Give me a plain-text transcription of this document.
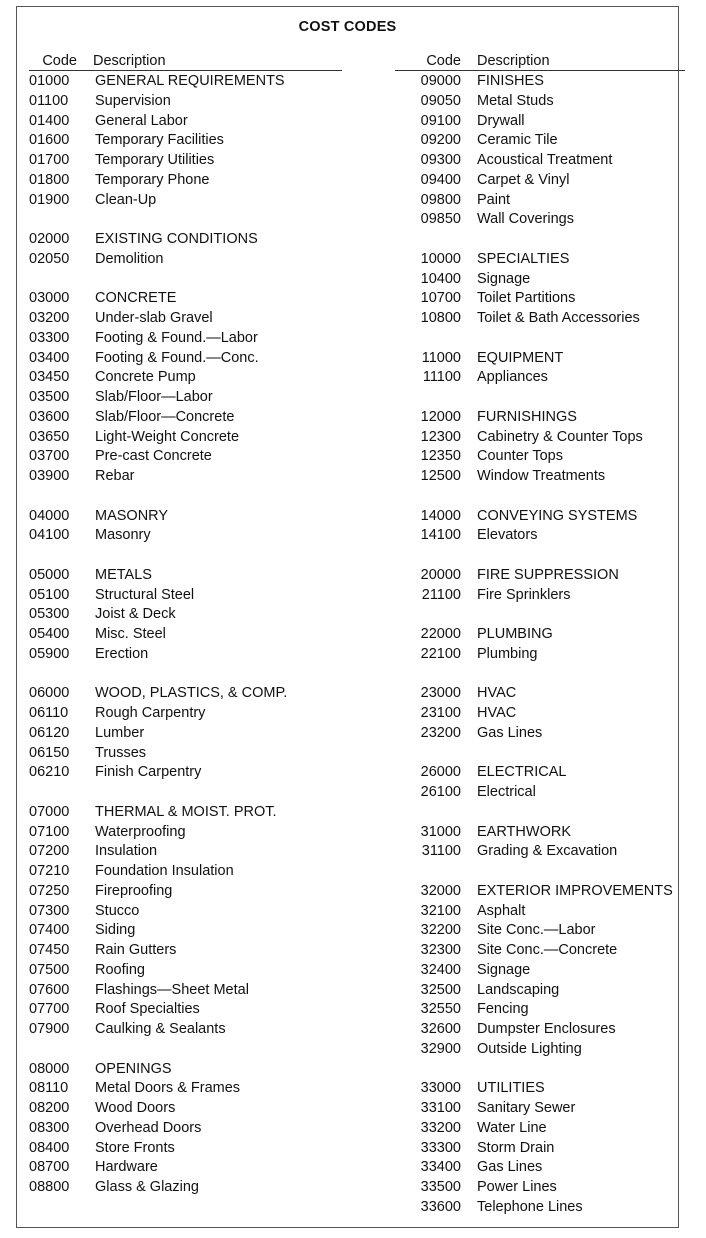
COST CODES
Code	Description
01000	GENERAL REQUIREMENTS
01100	Supervision
01400	General Labor
01600	Temporary Facilities
01700	Temporary Utilities
01800	Temporary Phone
01900	Clean-Up
02000	EXISTING CONDITIONS
02050	Demolition
03000	CONCRETE
03200	Under-slab Gravel
03300	Footing & Found.—Labor
03400	Footing & Found.—Conc.
03450	Concrete Pump
03500	Slab/Floor—Labor
03600	Slab/Floor—Concrete
03650	Light-Weight Concrete
03700	Pre-cast Concrete
03900	Rebar
04000	MASONRY
04100	Masonry
05000	METALS
05100	Structural Steel
05300	Joist & Deck
05400	Misc. Steel
05900	Erection
06000	WOOD, PLASTICS, & COMP.
06110	Rough Carpentry
06120	Lumber
06150	Trusses
06210	Finish Carpentry
07000	THERMAL & MOIST. PROT.
07100	Waterproofing
07200	Insulation
07210	Foundation Insulation
07250	Fireproofing
07300	Stucco
07400	Siding
07450	Rain Gutters
07500	Roofing
07600	Flashings—Sheet Metal
07700	Roof Specialties
07900	Caulking & Sealants
08000	OPENINGS
08110	Metal Doors & Frames
08200	Wood Doors
08300	Overhead Doors
08400	Store Fronts
08700	Hardware
08800	Glass & Glazing
Code	Description
09000	FINISHES
09050	Metal Studs
09100	Drywall
09200	Ceramic Tile
09300	Acoustical Treatment
09400	Carpet & Vinyl
09800	Paint
09850	Wall Coverings
10000	SPECIALTIES
10400	Signage
10700	Toilet Partitions
10800	Toilet & Bath Accessories
11000	EQUIPMENT
11100	Appliances
12000	FURNISHINGS
12300	Cabinetry & Counter Tops
12350	Counter Tops
12500	Window Treatments
14000	CONVEYING SYSTEMS
14100	Elevators
20000	FIRE SUPPRESSION
21100	Fire Sprinklers
22000	PLUMBING
22100	Plumbing
23000	HVAC
23100	HVAC
23200	Gas Lines
26000	ELECTRICAL
26100	Electrical
31000	EARTHWORK
31100	Grading & Excavation
32000	EXTERIOR IMPROVEMENTS
32100	Asphalt
32200	Site Conc.—Labor
32300	Site Conc.—Concrete
32400	Signage
32500	Landscaping
32550	Fencing
32600	Dumpster Enclosures
32900	Outside Lighting
33000	UTILITIES
33100	Sanitary Sewer
33200	Water Line
33300	Storm Drain
33400	Gas Lines
33500	Power Lines
33600	Telephone Lines
